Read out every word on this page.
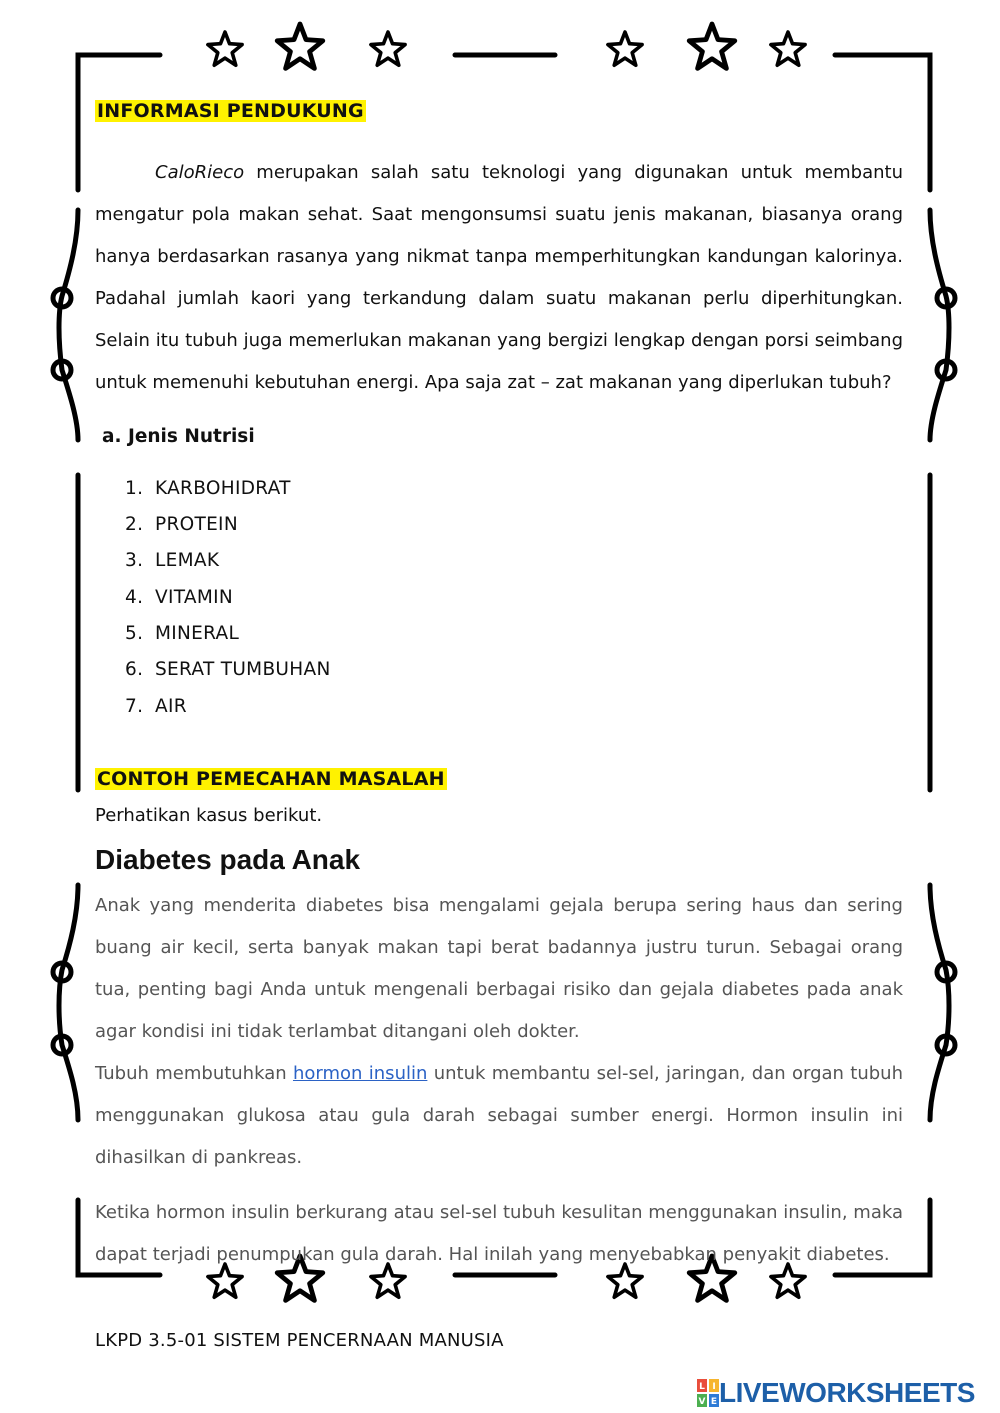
INFORMASI PENDUKUNG
CaloRieco merupakan salah satu teknologi yang digunakan untuk membantu mengatur pola makan sehat. Saat mengonsumsi suatu jenis makanan, biasanya orang hanya berdasarkan rasanya yang nikmat tanpa memperhitungkan kandungan kalorinya. Padahal jumlah kaori yang terkandung dalam suatu makanan perlu diperhitungkan. Selain itu tubuh juga memerlukan makanan yang bergizi lengkap dengan porsi seimbang untuk memenuhi kebutuhan energi. Apa saja zat – zat makanan yang diperlukan tubuh?
a. Jenis Nutrisi
1. KARBOHIDRAT
2. PROTEIN
3. LEMAK
4. VITAMIN
5. MINERAL
6. SERAT TUMBUHAN
7. AIR
CONTOH PEMECAHAN MASALAH
Perhatikan kasus berikut.
Diabetes pada Anak
Anak yang menderita diabetes bisa mengalami gejala berupa sering haus dan sering buang air kecil, serta banyak makan tapi berat badannya justru turun. Sebagai orang tua, penting bagi Anda untuk mengenali berbagai risiko dan gejala diabetes pada anak agar kondisi ini tidak terlambat ditangani oleh dokter.
Tubuh membutuhkan hormon insulin untuk membantu sel-sel, jaringan, dan organ tubuh menggunakan glukosa atau gula darah sebagai sumber energi. Hormon insulin ini dihasilkan di pankreas.
Ketika hormon insulin berkurang atau sel-sel tubuh kesulitan menggunakan insulin, maka dapat terjadi penumpukan gula darah. Hal inilah yang menyebabkan penyakit diabetes.
LKPD 3.5-01 SISTEM PENCERNAAN MANUSIA
L I
V E LIVEWORKSHEETS
